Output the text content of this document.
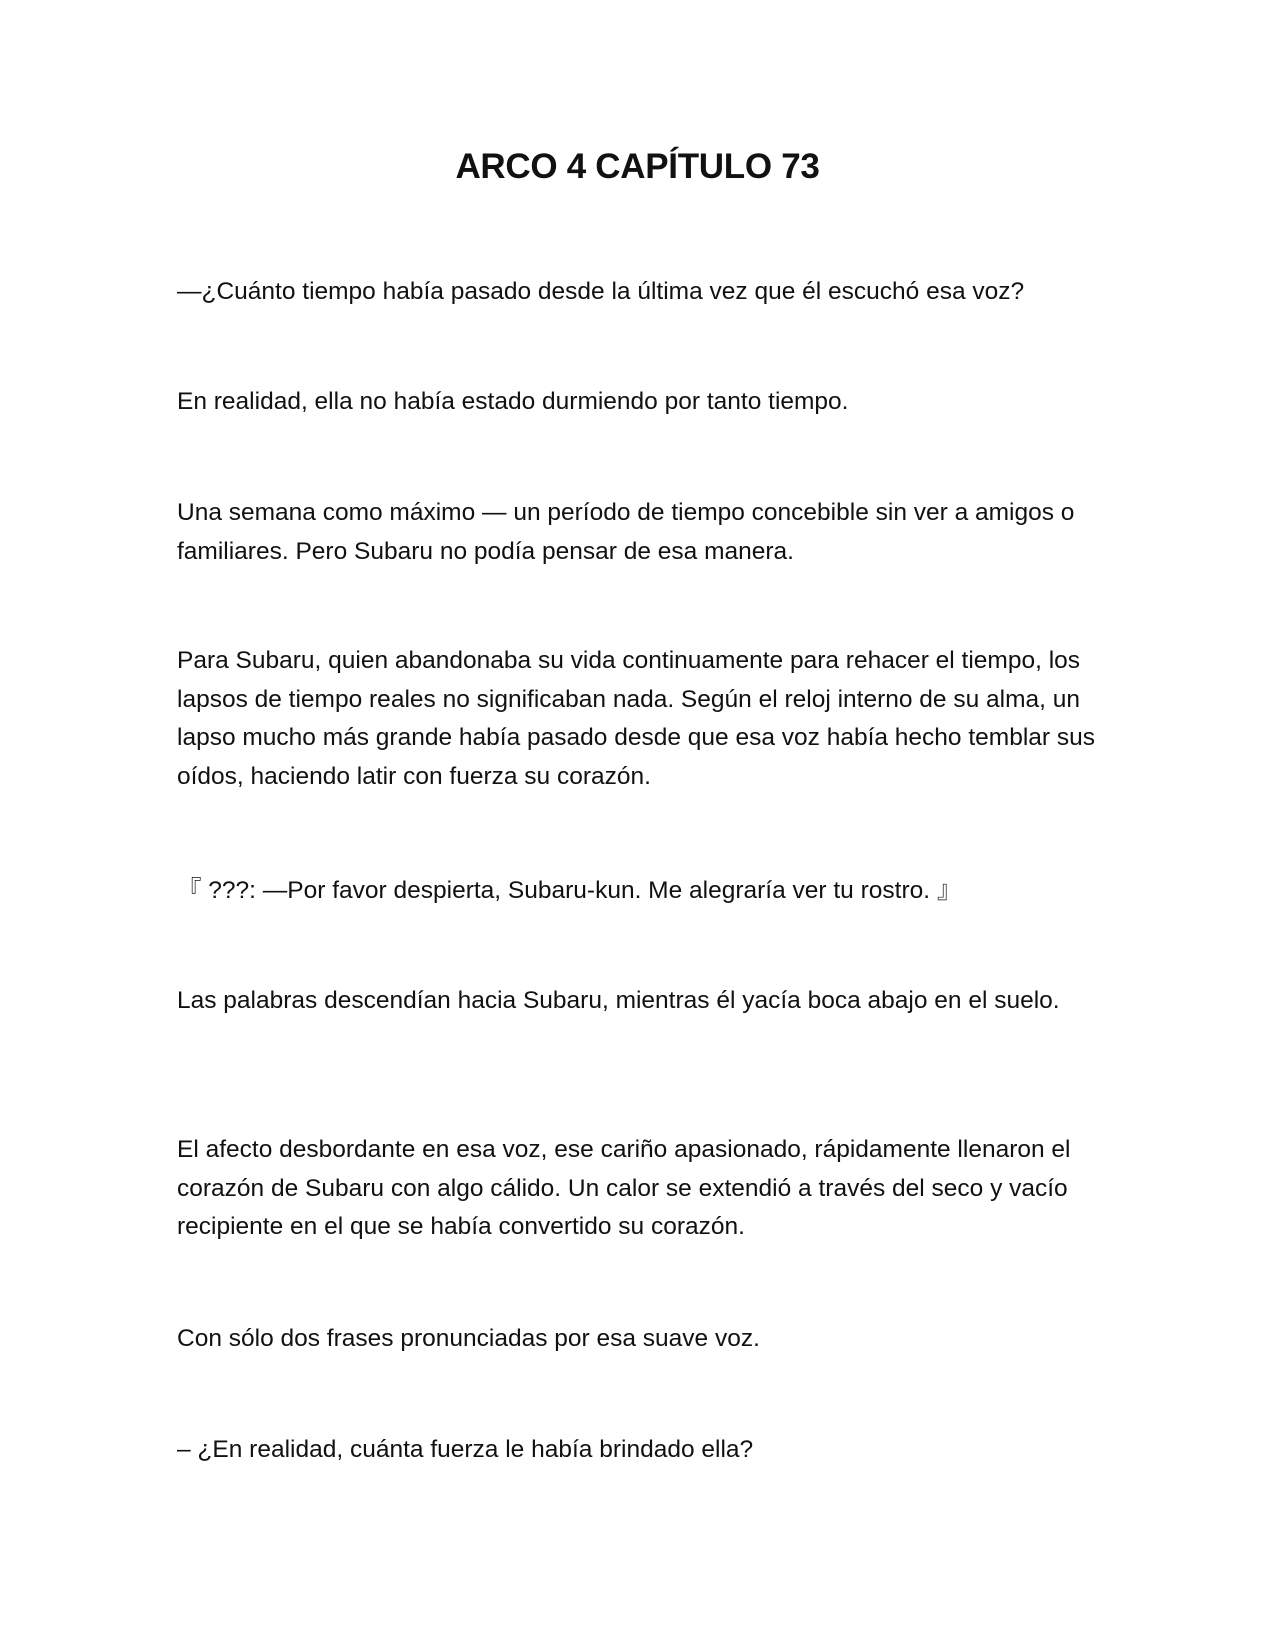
ARCO 4 CAPÍTULO 73

—¿Cuánto tiempo había pasado desde la última vez que él escuchó esa voz?

En realidad, ella no había estado durmiendo por tanto tiempo.

Una semana como máximo — un período de tiempo concebible sin ver a amigos o familiares. Pero Subaru no podía pensar de esa manera.

Para Subaru, quien abandonaba su vida continuamente para rehacer el tiempo, los lapsos de tiempo reales no significaban nada. Según el reloj interno de su alma, un lapso mucho más grande había pasado desde que esa voz había hecho temblar sus oídos, haciendo latir con fuerza su corazón.

『 ???: —Por favor despierta, Subaru-kun. Me alegraría ver tu rostro. 』

Las palabras descendían hacia Subaru, mientras él yacía boca abajo en el suelo.

El afecto desbordante en esa voz, ese cariño apasionado, rápidamente llenaron el corazón de Subaru con algo cálido. Un calor se extendió a través del seco y vacío recipiente en el que se había convertido su corazón.

Con sólo dos frases pronunciadas por esa suave voz.

– ¿En realidad, cuánta fuerza le había brindado ella?
